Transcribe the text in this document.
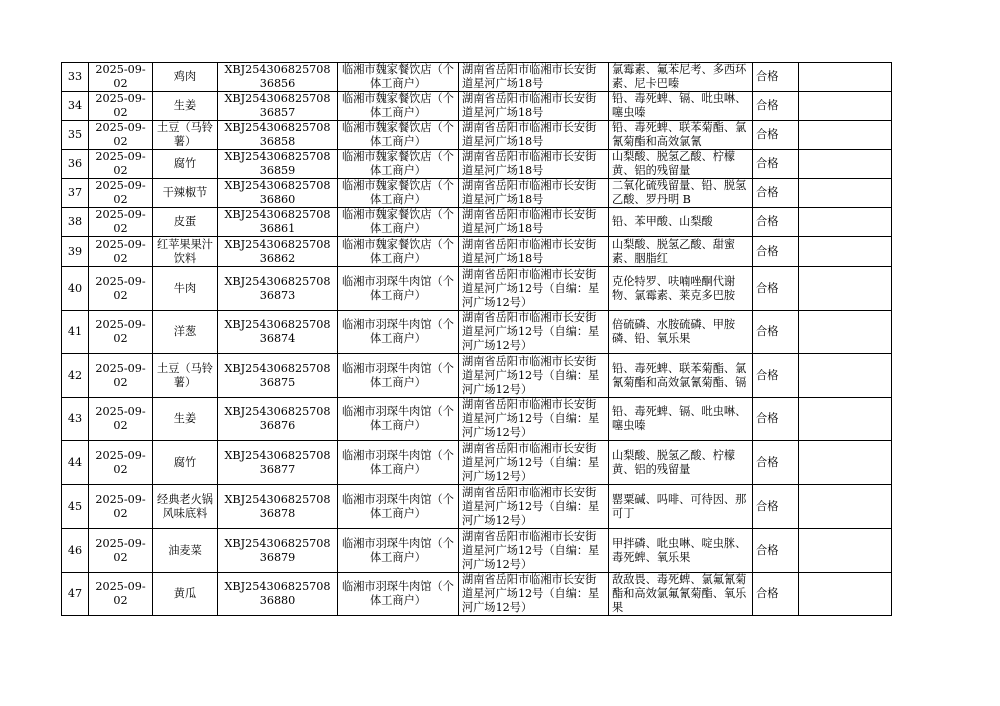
33	2025-09-02	鸡肉	XBJ25430682570836856	临湘市魏家餐饮店（个体工商户）	湖南省岳阳市临湘市长安街道星河广场18号	氯霉素、氟苯尼考、多西环素、尼卡巴嗪	合格	
34	2025-09-02	生姜	XBJ25430682570836857	临湘市魏家餐饮店（个体工商户）	湖南省岳阳市临湘市长安街道星河广场18号	铅、毒死蜱、镉、吡虫啉、噻虫嗪	合格	
35	2025-09-02	土豆（马铃薯）	XBJ25430682570836858	临湘市魏家餐饮店（个体工商户）	湖南省岳阳市临湘市长安街道星河广场18号	铅、毒死蜱、联苯菊酯、氯氰菊酯和高效氯氰	合格	
36	2025-09-02	腐竹	XBJ25430682570836859	临湘市魏家餐饮店（个体工商户）	湖南省岳阳市临湘市长安街道星河广场18号	山梨酸、脱氢乙酸、柠檬黄、铝的残留量	合格	
37	2025-09-02	干辣椒节	XBJ25430682570836860	临湘市魏家餐饮店（个体工商户）	湖南省岳阳市临湘市长安街道星河广场18号	二氧化硫残留量、铅、脱氢乙酸、罗丹明 B	合格	
38	2025-09-02	皮蛋	XBJ25430682570836861	临湘市魏家餐饮店（个体工商户）	湖南省岳阳市临湘市长安街道星河广场18号	铅、苯甲酸、山梨酸	合格	
39	2025-09-02	红苹果果汁饮料	XBJ25430682570836862	临湘市魏家餐饮店（个体工商户）	湖南省岳阳市临湘市长安街道星河广场18号	山梨酸、脱氢乙酸、甜蜜素、胭脂红	合格	
40	2025-09-02	牛肉	XBJ25430682570836873	临湘市羽琛牛肉馆（个体工商户）	湖南省岳阳市临湘市长安街道星河广场12号（自编：星河广场12号）	克伦特罗、呋喃唑酮代谢物、氯霉素、莱克多巴胺	合格	
41	2025-09-02	洋葱	XBJ25430682570836874	临湘市羽琛牛肉馆（个体工商户）	湖南省岳阳市临湘市长安街道星河广场12号（自编：星河广场12号）	倍硫磷、水胺硫磷、甲胺磷、铅、氧乐果	合格	
42	2025-09-02	土豆（马铃薯）	XBJ25430682570836875	临湘市羽琛牛肉馆（个体工商户）	湖南省岳阳市临湘市长安街道星河广场12号（自编：星河广场12号）	铅、毒死蜱、联苯菊酯、氯氰菊酯和高效氯氰菊酯、镉	合格	
43	2025-09-02	生姜	XBJ25430682570836876	临湘市羽琛牛肉馆（个体工商户）	湖南省岳阳市临湘市长安街道星河广场12号（自编：星河广场12号）	铅、毒死蜱、镉、吡虫啉、噻虫嗪	合格	
44	2025-09-02	腐竹	XBJ25430682570836877	临湘市羽琛牛肉馆（个体工商户）	湖南省岳阳市临湘市长安街道星河广场12号（自编：星河广场12号）	山梨酸、脱氢乙酸、柠檬黄、铝的残留量	合格	
45	2025-09-02	经典老火锅风味底料	XBJ25430682570836878	临湘市羽琛牛肉馆（个体工商户）	湖南省岳阳市临湘市长安街道星河广场12号（自编：星河广场12号）	罂粟碱、吗啡、可待因、那可丁	合格	
46	2025-09-02	油麦菜	XBJ25430682570836879	临湘市羽琛牛肉馆（个体工商户）	湖南省岳阳市临湘市长安街道星河广场12号（自编：星河广场12号）	甲拌磷、吡虫啉、啶虫脒、毒死蜱、氧乐果	合格	
47	2025-09-02	黄瓜	XBJ25430682570836880	临湘市羽琛牛肉馆（个体工商户）	湖南省岳阳市临湘市长安街道星河广场12号（自编：星河广场12号）	敌敌畏、毒死蜱、氯氟氰菊酯和高效氯氟氰菊酯、氧乐果	合格	
